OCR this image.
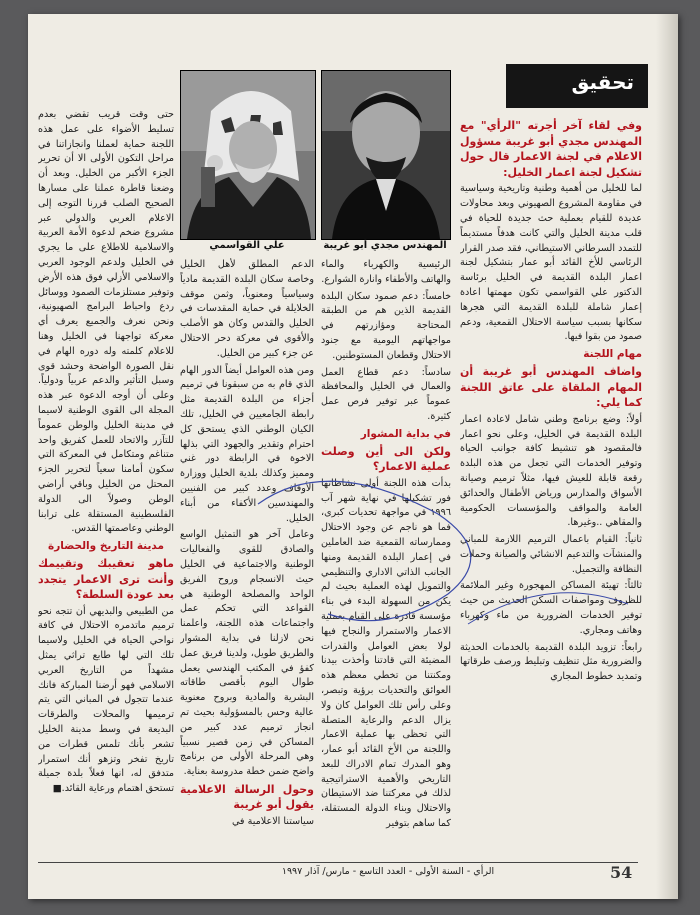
تحقيق
المهندس مجدي أبو غريبة
علي القواسمي

وفي لقاء آخر أجرته "الرأي" مع المهندس مجدي أبو غريبة مسؤول الاعلام في لجنة الاعمار قال حول تشكيل لجنة اعمار الخليل:

لما للخليل من أهمية وطنية وتاريخية وسياسية في مقاومة المشروع الصهيوني وبعد محاولات عديدة للقيام بعملية حث جديدة للحياة في قلب مدينة الخليل والتي كانت هدفاً مستديماً للتمدد السرطاني الاستيطاني، فقد صدر القرار الرئاسي للأخ القائد أبو عمار بتشكيل لجنة اعمار البلدة القديمة في الخليل برئاسة الدكتور علي القواسمي تكون مهمتها اعادة إعمار شاملة للبلدة القديمة التي هجرها سكانها بسبب سياسة الاحتلال القمعية، ودعم صمود من بقوا فيها.

مهام اللجنة

واضاف المهندس أبو غريبة أن المهام الملقاة على عاتق اللجنة كما يلي:

أولاً: وضع برنامج وطني شامل لاعادة اعمار البلدة القديمة في الخليل، وعلى نحو اعمار فالمقصود هو تنشيط كافة جوانب الحياة وتوفير الخدمات التي تجعل من هذه البلدة رقعة قابلة للعيش فيها، مثلاً ترميم وصيانة الأسواق والمدارس ورياض الأطفال والحدائق العامة والمواقف والمؤسسات الحكومية والمقاهي ..وغيرها.

ثانياً: القيام باعمال الترميم اللازمة للمباني والمنشآت والتدعيم الانشائي والصيانة وحملات النظافة والتجميل.

ثالثاً: تهيئة المساكن المهجورة وغير الملائمة للظروف ومواصفات السكن الحديث من حيث توفير الخدمات الضرورية من ماء وكهرباء وهاتف ومجاري.

رابعاً: تزويد البلدة القديمة بالخدمات الحديثة والضرورية مثل تنظيف وتبليط ورصف طرقاتها وتمديد خطوط المجاري

الرئيسية والكهرباء والماء والهاتف والأطفاء وانارة الشوارع.

خامساً: دعم صمود سكان البلدة القديمة الذين هم من الطبقة المحتاجة ومؤازرتهم في مواجهاتهم اليومية مع جنود الاحتلال وقطعان المستوطنين.

سادساً: دعم قطاع العمل والعمال في الخليل والمحافظة عموماً عبر توفير فرص عمل كثيرة.

في بداية المشوار

ولكن الى أين وصلت عملية الاعمار؟

بدأت هذه اللجنة أولى نشاطاتها فور تشكيلها في نهاية شهر آب ١٩٩٦ في مواجهة تحديات كبرى، فما هو ناجم عن وجود الاحتلال وممارساته القمعية ضد العاملين في إعمار البلدة القديمة ومنها الجانب الذاتي الاداري والتنظيمي والتمويل لهذه العملية بحيث لم يكن من السهولة البدء في بناء مؤسسة قادرة على القيام بعملية الاعمار والاستمرار والنجاح فيها لولا بعض العوامل والقدرات المضيئة التي قادتنا وأخذت بيدنا ومكنتنا من تخطي معظم هذه العوائق والتحديات برؤية وتبصر، وعلى رأس تلك العوامل كان ولا يزال الدعم والرعاية المتصلة التي تحظى بها عملية الاعمار واللجنة من الأخ القائد أبو عمار، وهو المدرك تمام الادراك للبعد التاريخي والأهمية الاستراتيجية لذلك في معركتنا ضد الاستيطان والاحتلال وبناء الدولة المستقلة، كما ساهم بتوفير

الدعم المطلق لأهل الخليل وخاصة سكان البلدة القديمة مادياً وسياسياً ومعنوياً، وثمن موقف الخلايلة في حماية المقدسات في الخليل والقدس وكان هو الأصلب والأقوى في معركة دحر الاحتلال عن جزء كبير من الخليل.

ومن هذه العوامل أيضاً الدور الهام الذي قام به من سبقونا في ترميم أجزاء من البلدة القديمة مثل رابطة الجامعيين في الخليل، تلك الكيان الوطني الذي يستحق كل احترام وتقدير والجهود التي بذلها الاخوة في الرابطة دور غني ومميز وكذلك بلدية الخليل ووزارة الأوقاف وعدد كبير من الفنيين والمهندسين الأكفاء من أبناء الخليل.

وعامل آخر هو التمثيل الواسع والصادق للقوى والفعاليات الوطنية والاجتماعية في الخليل حيث الانسجام وروح الفريق الواحد والمصلحة الوطنية هي القواعد التي تحكم عمل واجتماعات هذه اللجنة، واعلمنا نحن لازلنا في بداية المشوار والطريق طويل، ولدينا فريق عمل كفؤ في المكتب الهندسي يعمل طوال اليوم بأقصى طاقاته البشرية والمادية وبروح معنوية عالية وحس بالمسؤولية بحيث تم انجاز ترميم عدد كبير من المساكن في زمن قصير نسبياً وهي المرحلة الأولى من برنامج واضح ضمن خطة مدروسة بعناية.

وحول الرسالة الاعلامية يقول أبو غريبة

سياستنا الاعلامية في

حتى وقت قريب تقضي بعدم تسليط الأضواء على عمل هذه اللجنة حماية لعملنا وانجازاتنا في مراحل التكون الأولى الا أن تحرير الجزء الأكبر من الخليل. وبعد أن وضعنا قاطرة عملنا على مسارها الصحيح الصلب قررنا التوجه إلى الاعلام العربي والدولي عبر مشروع ضخم لدعوة الأمة العربية والاسلامية للاطلاع على ما يجري في الخليل ولدعم الوجود العربي والاسلامي الأزلي فوق هذه الأرض وتوفير مستلزمات الصمود ووسائل ردع واحباط البرامج الصهيونية، ونحن نعرف والجميع يعرف أي معركة تواجهنا في الخليل وهنا للاعلام كلمته وله دوره الهام في نقل الصورة الواضحة وحشد قوى وسبل التأثير والدعم عربياً ودولياً. وعلى أن أوجه الدعوة عبر هذه المجلة الى القوى الوطنية لاسيما في مدينة الخليل والوطن عموماً للتآزر والاتحاد للعمل كفريق واحد متناغم ومتكامل في المعركة التي سكون أمامنا سعياً لتحرير الجزء المحتل من الخليل وباقي أراضي الوطن وصولاً الى الدولة الفلسطينية المستقلة على ترابنا الوطني وعاصمتها القدس.

مدينة التاريخ والحضارة

ماهو تعقيبك وتقييمك وأنت ترى الاعمار يتجدد بعد عودة السلطة؟

من الطبيعي والبديهي أن تتجه نحو ترميم ماتدمره الاحتلال في كافة نواحي الحياة في الخليل ولاسيما تلك التي لها طابع تراثي يمثل مشهداً من التاريخ العربي الاسلامي فهو أرضنا المباركة فانك عندما تتجول في المباني التي يتم ترميمها والمحلات والطرقات البديعة في وسط مدينة الخليل تشعر بأنك تلمس قطرات من تاريخ تفخر وتزهو أنك استمرار متدفق له، انها فعلاً بلدة جميلة تستحق اهتمام ورعاية القائد.■

الرأي - السنة الأولى - العدد التاسع - مارس/ آذار ١٩٩٧	54
